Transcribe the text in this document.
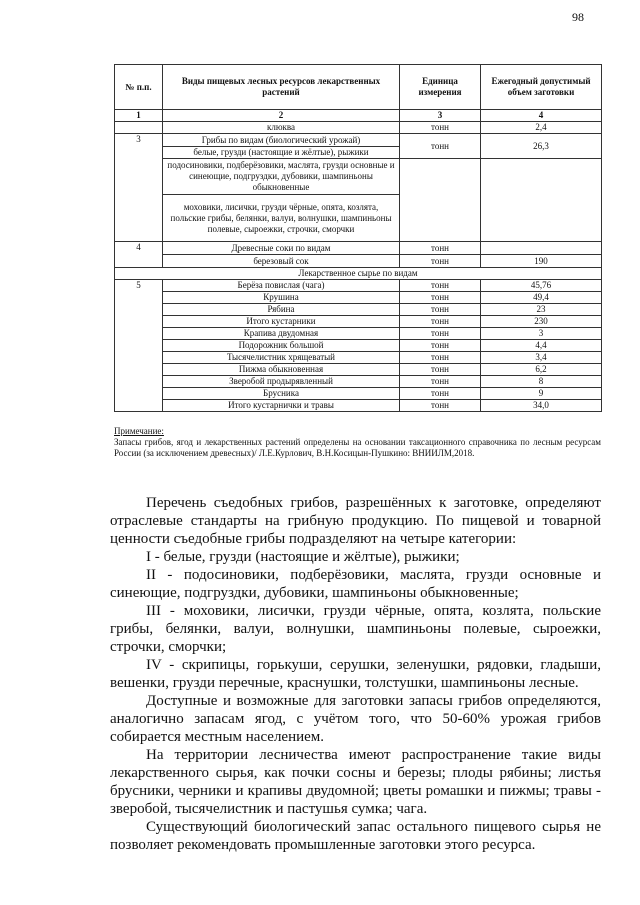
98
№ п.п.	Виды пищевых лесных ресурсов лекарственных растений	Единица измерения	Ежегодный допустимый объем заготовки
1	2	3	4
	клюква	тонн	2,4
3	Грибы по видам (биологический урожай)	тонн	26,3
	белые, грузди (настоящие и жёлтые), рыжики		
	подосиновики, подберёзовики, маслята, грузди основные и синеющие, подгруздки, дубовики, шампиньоны обыкновенные		
	моховики, лисички, грузди чёрные, опята, козлята, польские грибы, белянки, валуи, волнушки, шампиньоны полевые, сыроежки, строчки, сморчки		
4	Древесные соки по видам	тонн	
	березовый сок	тонн	190
Лекарственное сырье по видам			
5	Берёза повислая (чага)	тонн	45,76
	Крушина	тонн	49,4
	Рябина	тонн	23
	Итого кустарники	тонн	230
	Крапива двудомная	тонн	3
	Подорожник большой	тонн	4,4
	Тысячелистник хрящеватый	тонн	3,4
	Пижма обыкновенная	тонн	6,2
	Зверобой продырявленный	тонн	8
	Брусника	тонн	9
	Итого кустарнички и травы	тонн	34,0
Примечание:
Запасы грибов, ягод и лекарственных растений определены на основании таксационного справочника по лесным ресурсам России (за исключением древесных)/ Л.Е.Курлович, В.Н.Косицын-Пушкино: ВНИИЛМ,2018.

Перечень съедобных грибов, разрешённых к заготовке, определяют отраслевые стандарты на грибную продукцию. По пищевой и товарной ценности съедобные грибы подразделяют на четыре категории:

I - белые, грузди (настоящие и жёлтые), рыжики;

II - подосиновики, подберёзовики, маслята, грузди основные и синеющие, подгруздки, дубовики, шампиньоны обыкновенные;

III - моховики, лисички, грузди чёрные, опята, козлята, польские грибы, белянки, валуи, волнушки, шампиньоны полевые, сыроежки, строчки, сморчки;

IV - скрипицы, горькуши, серушки, зеленушки, рядовки, гладыши, вешенки, грузди перечные, краснушки, толстушки, шампиньоны лесные.

Доступные и возможные для заготовки запасы грибов определяются, аналогично запасам ягод, с учётом того, что 50-60% урожая грибов собирается местным населением.

На территории лесничества имеют распространение такие виды лекарственного сырья, как почки сосны и березы; плоды рябины; листья брусники, черники и крапивы двудомной; цветы ромашки и пижмы; травы - зверобой, тысячелистник и пастушья сумка; чага.

Существующий биологический запас остального пищевого сырья не позволяет рекомендовать промышленные заготовки этого ресурса.
